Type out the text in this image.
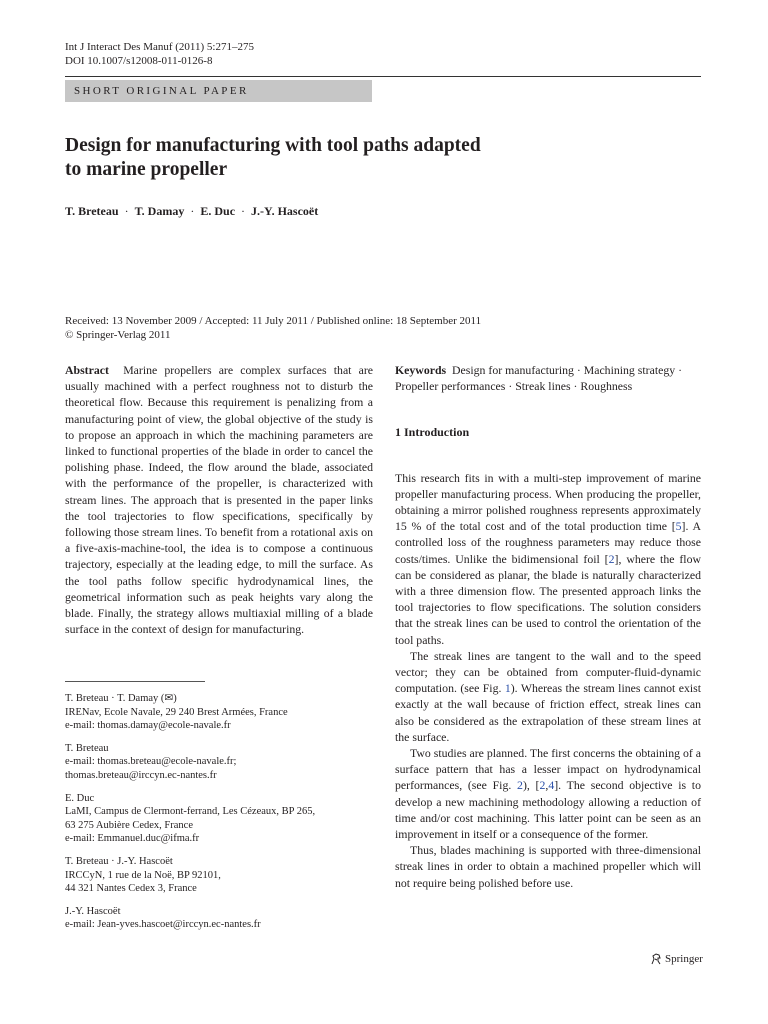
Int J Interact Des Manuf (2011) 5:271–275
DOI 10.1007/s12008-011-0126-8
SHORT ORIGINAL PAPER
Design for manufacturing with tool paths adapted
to marine propeller
T. Breteau · T. Damay · E. Duc · J.-Y. Hascoët
Received: 13 November 2009 / Accepted: 11 July 2011 / Published online: 18 September 2011
© Springer-Verlag 2011
Abstract Marine propellers are complex surfaces that are usually machined with a perfect roughness not to disturb the theoretical flow. Because this requirement is penalizing from a manufacturing point of view, the global objective of the study is to propose an approach in which the machining parameters are linked to functional properties of the blade in order to cancel the polishing phase. Indeed, the flow around the blade, associated with the performance of the propeller, is characterized with stream lines. The approach that is presented in the paper links the tool trajectories to flow specifications, specifically by following those stream lines. To benefit from a rotational axis on a five-axis-machine-tool, the idea is to compose a continuous trajectory, especially at the leading edge, to mill the surface. As the tool paths follow specific hydrodynamical lines, the geometrical information such as peak heights vary along the blade. Finally, the strategy allows multiaxial milling of a blade surface in the context of design for manufacturing.
T. Breteau · T. Damay (✉)
IRENav, Ecole Navale, 29 240 Brest Armées, France
e-mail: thomas.damay@ecole-navale.fr
T. Breteau
e-mail: thomas.breteau@ecole-navale.fr;
thomas.breteau@irccyn.ec-nantes.fr
E. Duc
LaMI, Campus de Clermont-ferrand, Les Cézeaux, BP 265,
63 275 Aubière Cedex, France
e-mail: Emmanuel.duc@ifma.fr
T. Breteau · J.-Y. Hascoët
IRCCyN, 1 rue de la Noë, BP 92101,
44 321 Nantes Cedex 3, France
J.-Y. Hascoët
e-mail: Jean-yves.hascoet@irccyn.ec-nantes.fr
Keywords Design for manufacturing · Machining strategy · Propeller performances · Streak lines · Roughness
1 Introduction

This research fits in with a multi-step improvement of marine propeller manufacturing process. When producing the propeller, obtaining a mirror polished roughness represents approximately 15 % of the total cost and of the total production time [5]. A controlled loss of the roughness parameters may reduce those costs/times. Unlike the bidimensional foil [2], where the flow can be considered as planar, the blade is naturally characterized with a three dimension flow. The presented approach links the tool trajectories to flow specifications. The solution considers that the streak lines can be used to control the orientation of the tool paths.

The streak lines are tangent to the wall and to the speed vector; they can be obtained from computer-fluid-dynamic computation. (see Fig. 1). Whereas the stream lines cannot exist exactly at the wall because of friction effect, streak lines can also be considered as the extrapolation of these stream lines at the surface.

Two studies are planned. The first concerns the obtaining of a surface pattern that has a lesser impact on hydrodynamical performances, (see Fig. 2), [2,4]. The second objective is to develop a new machining methodology allowing a reduction of time and/or cost machining. This latter point can be seen as an improvement in itself or a consequence of the former.

Thus, blades machining is supported with three-dimensional streak lines in order to obtain a machined propeller which will not require being polished before use.

Springer
